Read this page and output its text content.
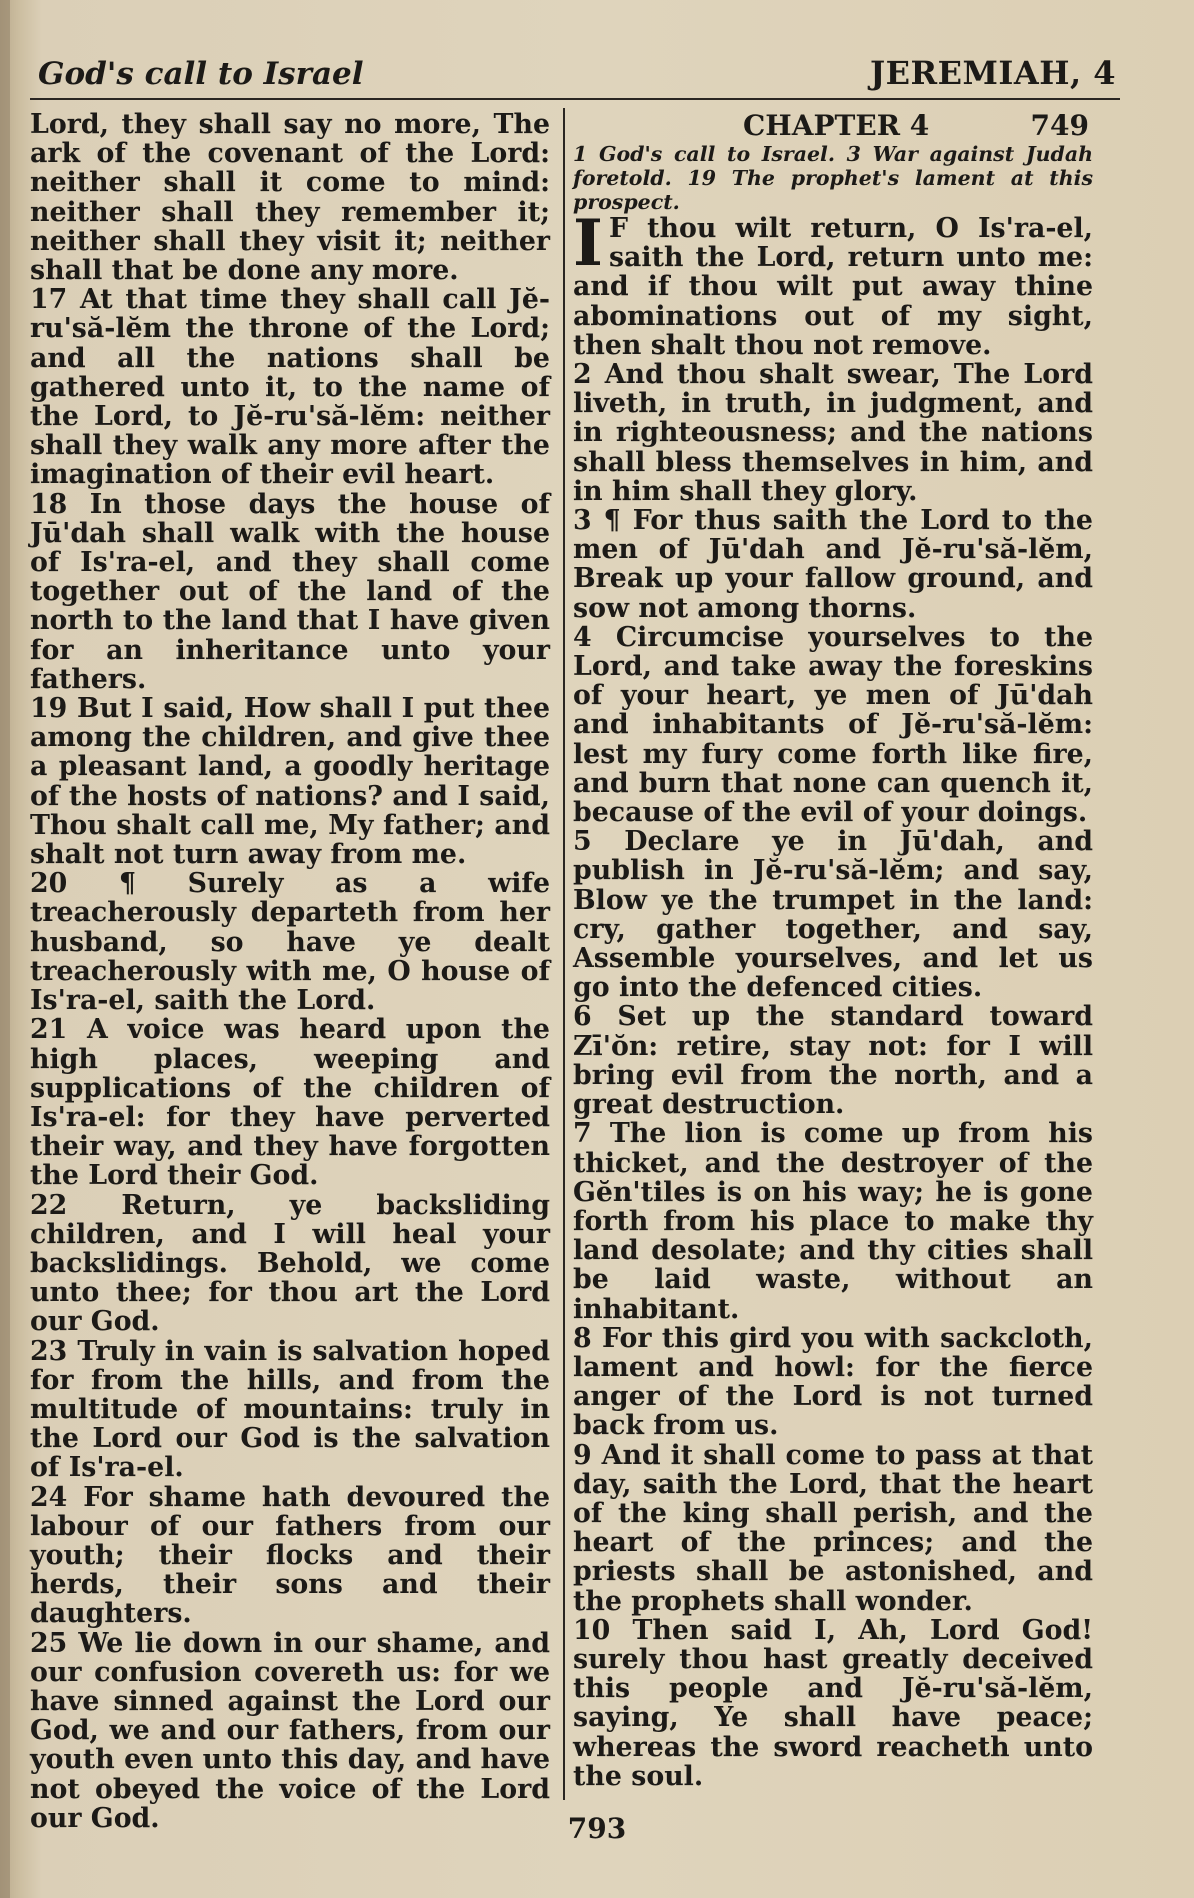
God's call to Israel	JEREMIAH, 4

Lord, they shall say no more, The ark of the covenant of the Lord: neither shall it come to mind: neither shall they remember it; neither shall they visit it; neither shall that be done any more.

17 At that time they shall call Jĕ-ru'să-lĕm the throne of the Lord; and all the nations shall be gathered unto it, to the name of the Lord, to Jĕ-ru'să-lĕm: neither shall they walk any more after the imagination of their evil heart.

18 In those days the house of Jū'dah shall walk with the house of Is'ra-el, and they shall come together out of the land of the north to the land that I have given for an inheritance unto your fathers.

19 But I said, How shall I put thee among the children, and give thee a pleasant land, a goodly heritage of the hosts of nations? and I said, Thou shalt call me, My father; and shalt not turn away from me.

20 ¶ Surely as a wife treacherously departeth from her husband, so have ye dealt treacherously with me, O house of Is'ra-el, saith the Lord.

21 A voice was heard upon the high places, weeping and supplications of the children of Is'ra-el: for they have perverted their way, and they have forgotten the Lord their God.

22 Return, ye backsliding children, and I will heal your backslidings. Behold, we come unto thee; for thou art the Lord our God.

23 Truly in vain is salvation hoped for from the hills, and from the multitude of mountains: truly in the Lord our God is the salvation of Is'ra-el.

24 For shame hath devoured the labour of our fathers from our youth; their flocks and their herds, their sons and their daughters.

25 We lie down in our shame, and our confusion covereth us: for we have sinned against the Lord our God, we and our fathers, from our youth even unto this day, and have not obeyed the voice of the Lord our God.

CHAPTER 4	749

1 God's call to Israel. 3 War against Judah foretold. 19 The prophet's lament at this prospect.

I F thou wilt return, O Is'ra-el, saith the Lord, return unto me: and if thou wilt put away thine abominations out of my sight, then shalt thou not remove.

2 And thou shalt swear, The Lord liveth, in truth, in judgment, and in righteousness; and the nations shall bless themselves in him, and in him shall they glory.

3 ¶ For thus saith the Lord to the men of Jū'dah and Jĕ-ru'să-lĕm, Break up your fallow ground, and sow not among thorns.

4 Circumcise yourselves to the Lord, and take away the foreskins of your heart, ye men of Jū'dah and inhabitants of Jĕ-ru'să-lĕm: lest my fury come forth like fire, and burn that none can quench it, because of the evil of your doings.

5 Declare ye in Jū'dah, and publish in Jĕ-ru'să-lĕm; and say, Blow ye the trumpet in the land: cry, gather together, and say, Assemble yourselves, and let us go into the defenced cities.

6 Set up the standard toward Zī'ŏn: retire, stay not: for I will bring evil from the north, and a great destruction.

7 The lion is come up from his thicket, and the destroyer of the Gĕn'tiles is on his way; he is gone forth from his place to make thy land desolate; and thy cities shall be laid waste, without an inhabitant.

8 For this gird you with sackcloth, lament and howl: for the fierce anger of the Lord is not turned back from us.

9 And it shall come to pass at that day, saith the Lord, that the heart of the king shall perish, and the heart of the princes; and the priests shall be astonished, and the prophets shall wonder.

10 Then said I, Ah, Lord God! surely thou hast greatly deceived this people and Jĕ-ru'să-lĕm, saying, Ye shall have peace; whereas the sword reacheth unto the soul.

793
